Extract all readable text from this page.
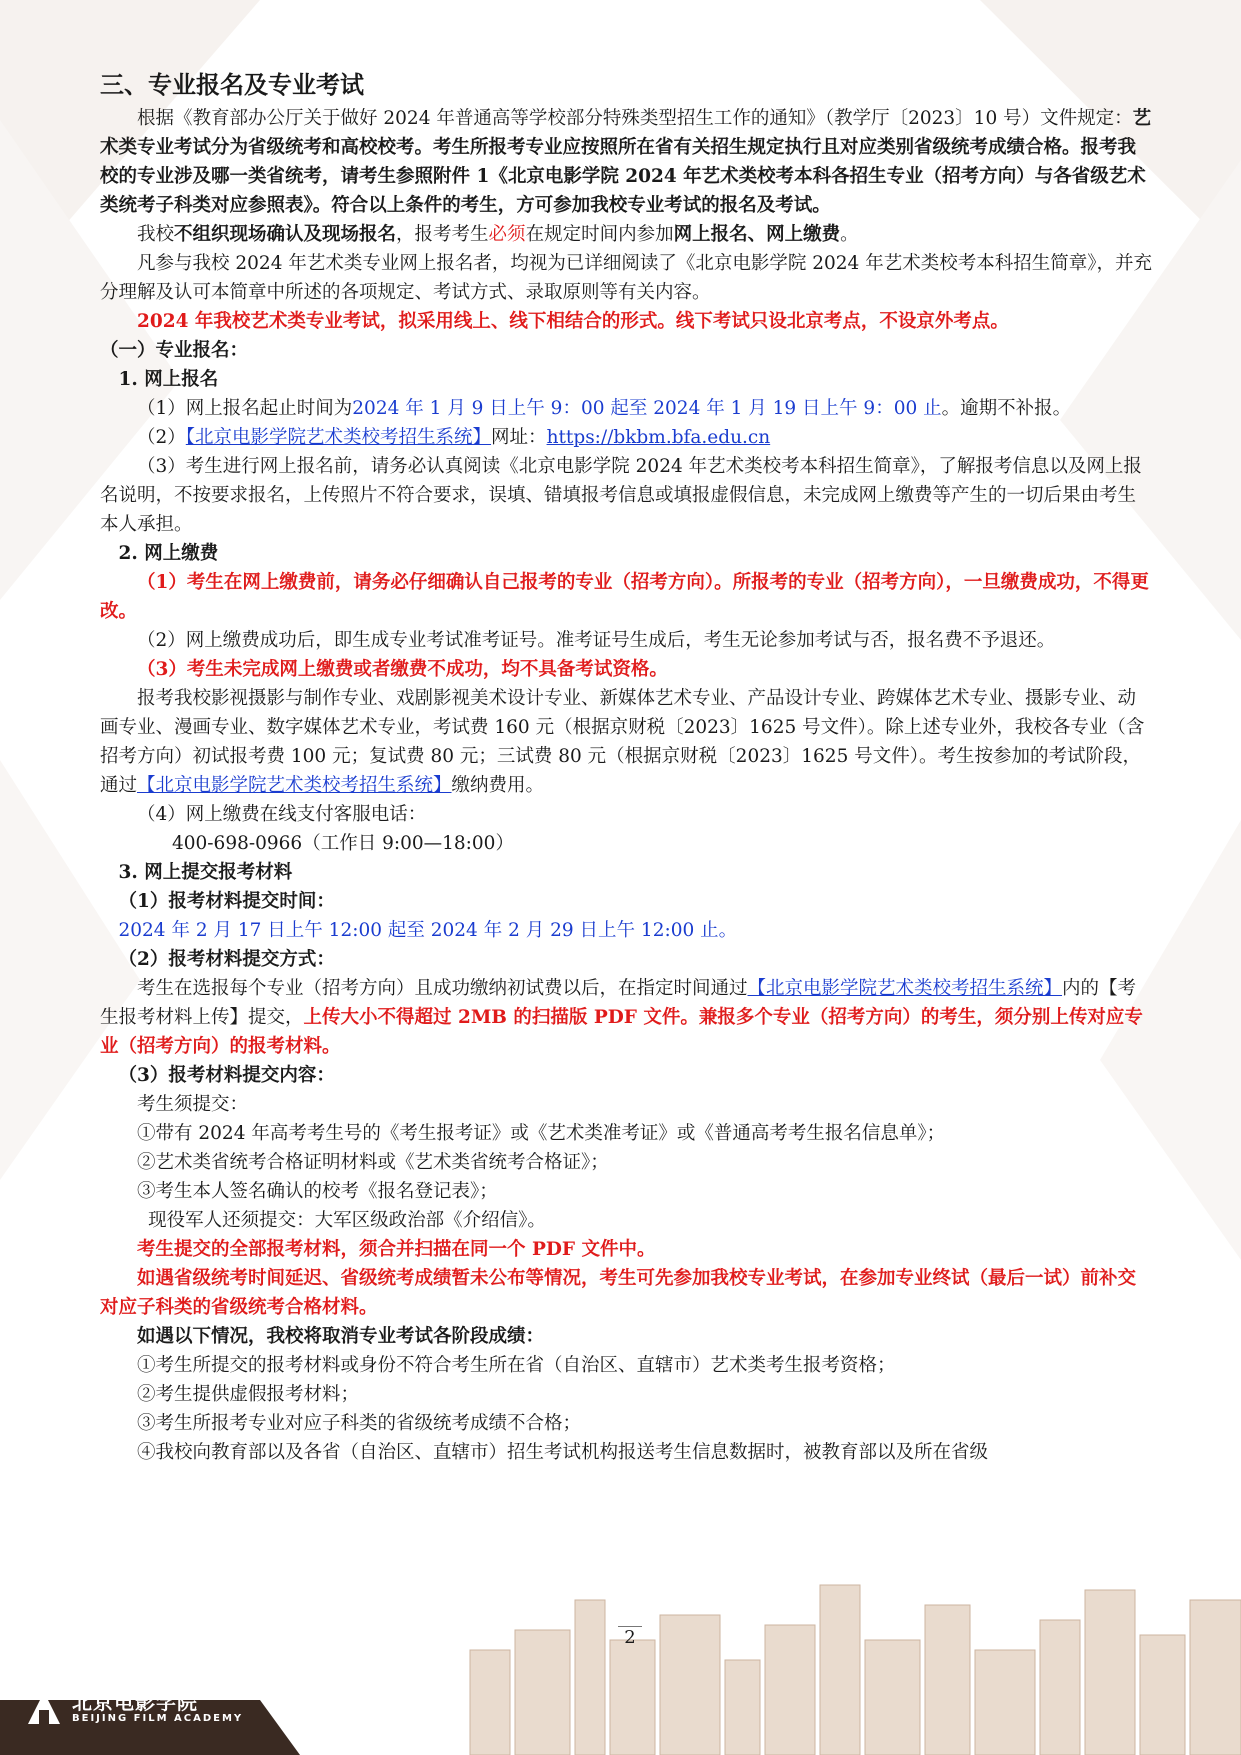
三、专业报名及专业考试

根据《教育部办公厅关于做好 2024 年普通高等学校部分特殊类型招生工作的通知》（教学厅〔2023〕10 号）文件规定：艺术类专业考试分为省级统考和高校校考。考生所报考专业应按照所在省有关招生规定执行且对应类别省级统考成绩合格。报考我校的专业涉及哪一类省统考，请考生参照附件 1《北京电影学院 2024 年艺术类校考本科各招生专业（招考方向）与各省级艺术类统考子科类对应参照表》。符合以上条件的考生，方可参加我校专业考试的报名及考试。

我校不组织现场确认及现场报名，报考考生必须在规定时间内参加网上报名、网上缴费。

凡参与我校 2024 年艺术类专业网上报名者，均视为已详细阅读了《北京电影学院 2024 年艺术类校考本科招生简章》，并充分理解及认可本简章中所述的各项规定、考试方式、录取原则等有关内容。

2024 年我校艺术类专业考试，拟采用线上、线下相结合的形式。线下考试只设北京考点，不设京外考点。

（一）专业报名：

1. 网上报名

（1）网上报名起止时间为2024 年 1 月 9 日上午 9：00 起至 2024 年 1 月 19 日上午 9：00 止。逾期不补报。

（2）【北京电影学院艺术类校考招生系统】网址：https://bkbm.bfa.edu.cn

（3）考生进行网上报名前，请务必认真阅读《北京电影学院 2024 年艺术类校考本科招生简章》，了解报考信息以及网上报名说明，不按要求报名，上传照片不符合要求，误填、错填报考信息或填报虚假信息，未完成网上缴费等产生的一切后果由考生本人承担。

2. 网上缴费

（1）考生在网上缴费前，请务必仔细确认自己报考的专业（招考方向）。所报考的专业（招考方向），一旦缴费成功，不得更改。

（2）网上缴费成功后，即生成专业考试准考证号。准考证号生成后，考生无论参加考试与否，报名费不予退还。

（3）考生未完成网上缴费或者缴费不成功，均不具备考试资格。

报考我校影视摄影与制作专业、戏剧影视美术设计专业、新媒体艺术专业、产品设计专业、跨媒体艺术专业、摄影专业、动画专业、漫画专业、数字媒体艺术专业，考试费 160 元（根据京财税〔2023〕1625 号文件）。除上述专业外，我校各专业（含招考方向）初试报考费 100 元；复试费 80 元；三试费 80 元（根据京财税〔2023〕1625 号文件）。考生按参加的考试阶段，通过【北京电影学院艺术类校考招生系统】缴纳费用。

（4）网上缴费在线支付客服电话：

400-698-0966（工作日 9:00—18:00）

3. 网上提交报考材料

（1）报考材料提交时间：

2024 年 2 月 17 日上午 12:00 起至 2024 年 2 月 29 日上午 12:00 止。

（2）报考材料提交方式：

考生在选报每个专业（招考方向）且成功缴纳初试费以后，在指定时间通过【北京电影学院艺术类校考招生系统】内的【考生报考材料上传】提交，上传大小不得超过 2MB 的扫描版 PDF 文件。兼报多个专业（招考方向）的考生，须分别上传对应专业（招考方向）的报考材料。

（3）报考材料提交内容：

考生须提交：

①带有 2024 年高考考生号的《考生报考证》或《艺术类准考证》或《普通高考考生报名信息单》；

②艺术类省统考合格证明材料或《艺术类省统考合格证》；

③考生本人签名确认的校考《报名登记表》；

现役军人还须提交：大军区级政治部《介绍信》。

考生提交的全部报考材料，须合并扫描在同一个 PDF 文件中。

如遇省级统考时间延迟、省级统考成绩暂未公布等情况，考生可先参加我校专业考试，在参加专业终试（最后一试）前补交对应子科类的省级统考合格材料。

如遇以下情况，我校将取消专业考试各阶段成绩：

①考生所提交的报考材料或身份不符合考生所在省（自治区、直辖市）艺术类考生报考资格；

②考生提供虚假报考材料；

③考生所报考专业对应子科类的省级统考成绩不合格；

④我校向教育部以及各省（自治区、直辖市）招生考试机构报送考生信息数据时，被教育部以及所在省级

2
北京电影学院
BEIJING FILM ACADEMY
